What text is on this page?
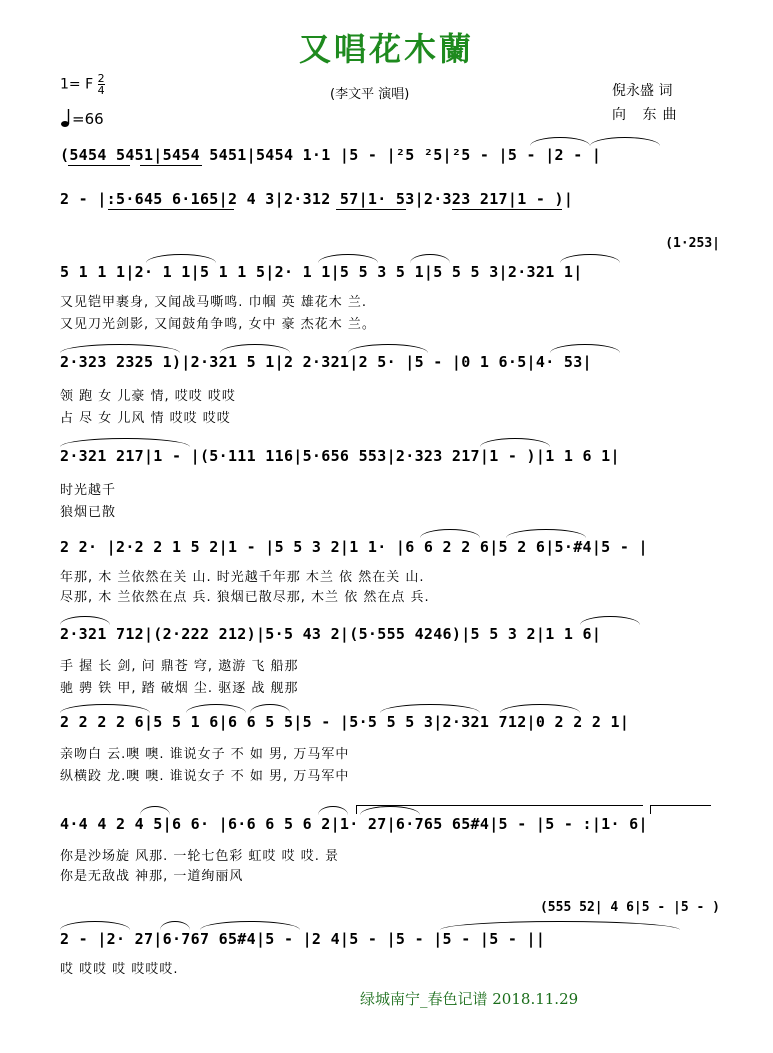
又唱花木蘭
1= F $\frac{2}{4}$
=66
(李文平 演唱)	倪永盛 词
向 东曲
(5454 5451|5454 5451|5454 1·1 |5 - |²5 ²5|²5 - |5 - |2 - |
2 - |:5·645 6·165|2 4 3|2·312 57|1· 53|2·323 217|1 - )|
(1·253|
5 1 1 1|2· 1 1|5 1 1 5|2· 1 1|5 5 3 5 1|5 5 5 3|2·321 1|
又见铠甲裹身, 又闻战马嘶鸣. 巾帼 英 雄花木 兰.
又见刀光剑影, 又闻鼓角争鸣, 女中 豪 杰花木 兰。
2·323 2325 1)|2·321 5 1|2 2·321|2 5· |5 - |0 1 6·5|4· 53|
领 跑 女 儿豪 情, 哎哎 哎哎
占 尽 女 儿风 情 哎哎 哎哎
2·321 217|1 - |(5·111 116|5·656 553|2·323 217|1 - )|1 1 6 1|
时光越千
狼烟已散
2 2· |2·2 2 1 5 2|1 - |5 5 3 2|1 1· |6 6 2 2 6|5 2 6|5·#4|5 - |
年那, 木 兰依然在关 山. 时光越千年那 木兰 依 然在关 山.
尽那, 木 兰依然在点 兵. 狼烟已散尽那, 木兰 依 然在点 兵.
2·321 712|(2·222 212)|5·5 43 2|(5·555 4246)|5 5 3 2|1 1 6|
手 握 长 剑, 问 鼎苍 穹, 遨游 飞 船那
驰 骋 铁 甲, 踏 破烟 尘. 驱逐 战 舰那
2 2 2 2 6|5 5 1 6|6 6 5 5|5 - |5·5 5 5 3|2·321 712|0 2 2 2 1|
亲吻白 云.噢 噢. 谁说女子 不 如 男, 万马军中
纵横跤 龙.噢 噢. 谁说女子 不 如 男, 万马军中
4·4 4 2 4 5|6 6· |6·6 6 5 6 2|1· 27|6·765 65#4|5 - |5 - :|1· 6|
你是沙场旋 风那. 一轮七色彩 虹哎 哎 哎. 景
你是无敌战 神那, 一道绚丽风
(555 52| 4 6|5 - |5 - )
2 - |2· 27|6·767 65#4|5 - |2 4|5 - |5 - |5 - |5 - ||
哎 哎哎 哎 哎哎哎.
绿城南宁_春色记谱 2018.11.29
